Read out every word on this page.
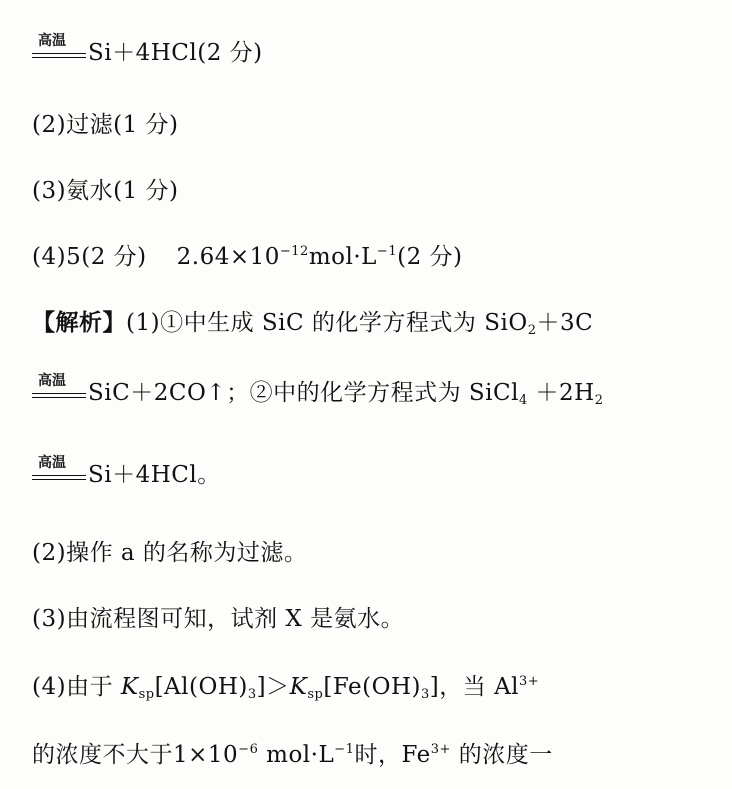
高温 Si＋4HCl(2 分)
(2)过滤(1 分)
(3)氨水(1 分)
(4)5(2 分) $2.64\times 10^{-12}mol\cdot L^{-1}(2$ 分)
【解析】(1)①中生成 SiC 的化学方程式为 SiO$_2$＋3C
高温 SiC＋2CO↑；②中的化学方程式为 SiCl$_4$ $+2H_2$
高温 Si＋4HCl。
(2)操作 a 的名称为过滤。
(3)由流程图可知，试剂 X 是氨水。
(4)由于 $K_{sp}[Al(OH)_3]>K_{sp}[Fe(OH)_3]$，当 $Al^{3+}$
的浓度不大于$1\times 10^{-6}$ $mol\cdot L^{-1}$时，$Fe^{3+}$ 的浓度一
